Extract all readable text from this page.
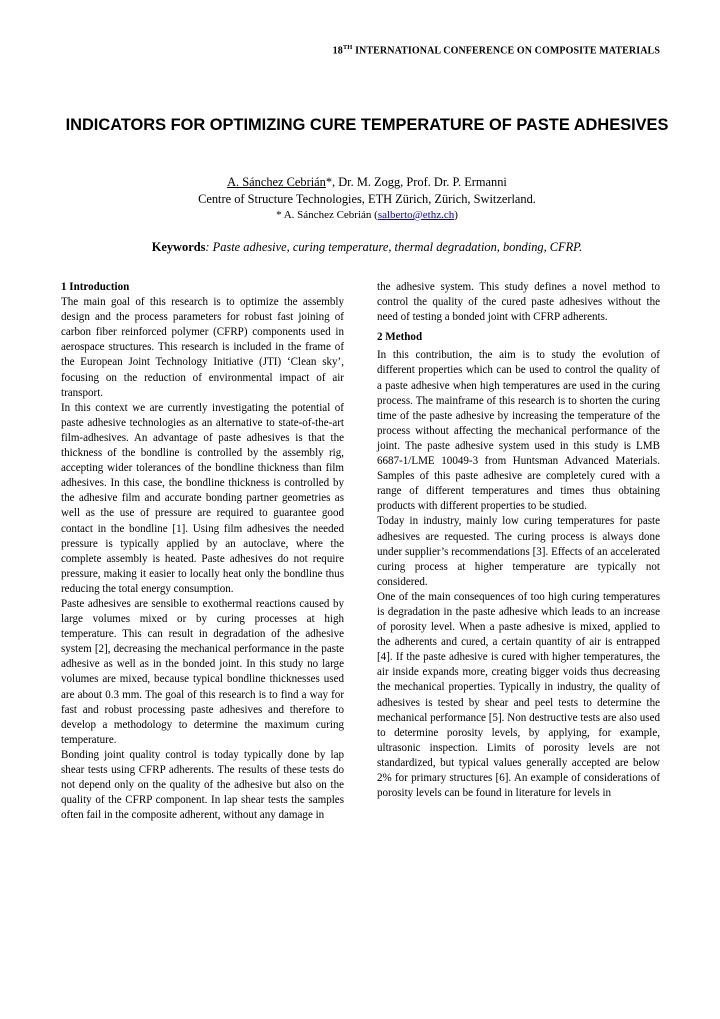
18TH INTERNATIONAL CONFERENCE ON COMPOSITE MATERIALS
INDICATORS FOR OPTIMIZING CURE TEMPERATURE OF PASTE ADHESIVES
A. Sánchez Cebrián*, Dr. M. Zogg, Prof. Dr. P. Ermanni
Centre of Structure Technologies, ETH Zürich, Zürich, Switzerland.
* A. Sánchez Cebrián (salberto@ethz.ch)
Keywords: Paste adhesive, curing temperature, thermal degradation, bonding, CFRP.
1 Introduction

The main goal of this research is to optimize the assembly design and the process parameters for robust fast joining of carbon fiber reinforced polymer (CFRP) components used in aerospace structures. This research is included in the frame of the European Joint Technology Initiative (JTI) ‘Clean sky’, focusing on the reduction of environmental impact of air transport.

In this context we are currently investigating the potential of paste adhesive technologies as an alternative to state-of-the-art film-adhesives. An advantage of paste adhesives is that the thickness of the bondline is controlled by the assembly rig, accepting wider tolerances of the bondline thickness than film adhesives. In this case, the bondline thickness is controlled by the adhesive film and accurate bonding partner geometries as well as the use of pressure are required to guarantee good contact in the bondline [1]. Using film adhesives the needed pressure is typically applied by an autoclave, where the complete assembly is heated. Paste adhesives do not require pressure, making it easier to locally heat only the bondline thus reducing the total energy consumption.

Paste adhesives are sensible to exothermal reactions caused by large volumes mixed or by curing processes at high temperature. This can result in degradation of the adhesive system [2], decreasing the mechanical performance in the paste adhesive as well as in the bonded joint. In this study no large volumes are mixed, because typical bondline thicknesses used are about 0.3 mm. The goal of this research is to find a way for fast and robust processing paste adhesives and therefore to develop a methodology to determine the maximum curing temperature.

Bonding joint quality control is today typically done by lap shear tests using CFRP adherents. The results of these tests do not depend only on the quality of the adhesive but also on the quality of the CFRP component. In lap shear tests the samples often fail in the composite adherent, without any damage in

the adhesive system. This study defines a novel method to control the quality of the cured paste adhesives without the need of testing a bonded joint with CFRP adherents.

2 Method

In this contribution, the aim is to study the evolution of different properties which can be used to control the quality of a paste adhesive when high temperatures are used in the curing process. The mainframe of this research is to shorten the curing time of the paste adhesive by increasing the temperature of the process without affecting the mechanical performance of the joint. The paste adhesive system used in this study is LMB 6687-1/LME 10049-3 from Huntsman Advanced Materials. Samples of this paste adhesive are completely cured with a range of different temperatures and times thus obtaining products with different properties to be studied.

Today in industry, mainly low curing temperatures for paste adhesives are requested. The curing process is always done under supplier’s recommendations [3]. Effects of an accelerated curing process at higher temperature are typically not considered.

One of the main consequences of too high curing temperatures is degradation in the paste adhesive which leads to an increase of porosity level. When a paste adhesive is mixed, applied to the adherents and cured, a certain quantity of air is entrapped [4]. If the paste adhesive is cured with higher temperatures, the air inside expands more, creating bigger voids thus decreasing the mechanical properties. Typically in industry, the quality of adhesives is tested by shear and peel tests to determine the mechanical performance [5]. Non destructive tests are also used to determine porosity levels, by applying, for example, ultrasonic inspection. Limits of porosity levels are not standardized, but typical values generally accepted are below 2% for primary structures [6]. An example of considerations of porosity levels can be found in literature for levels in
